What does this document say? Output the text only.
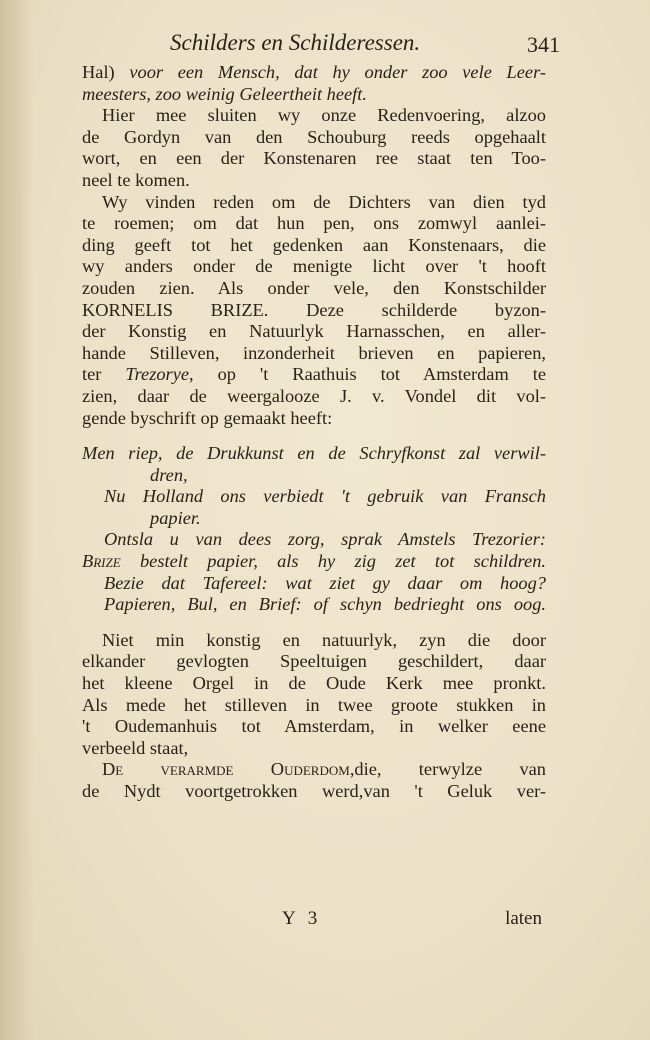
Schilders en Schilderessen.	341
Hal) voor een Mensch, dat hy onder zoo vele Leer-
meesters, zoo weinig Geleertheit heeft.
Hier mee sluiten wy onze Redenvoering, alzoo
de Gordyn van den Schouburg reeds opgehaalt
wort, en een der Konstenaren ree staat ten Too-
neel te komen.
Wy vinden reden om de Dichters van dien tyd
te roemen; om dat hun pen, ons zomwyl aanlei-
ding geeft tot het gedenken aan Konstenaars, die
wy anders onder de menigte licht over 't hooft
zouden zien. Als onder vele, den Konstschilder
KORNELIS BRIZE. Deze schilderde byzon-
der Konstig en Natuurlyk Harnasschen, en aller-
hande Stilleven, inzonderheit brieven en papieren,
ter Trezorye, op 't Raathuis tot Amsterdam te
zien, daar de weergalooze J. v. Vondel dit vol-
gende byschrift op gemaakt heeft:
Men riep, de Drukkunst en de Schryfkonst zal verwil-
dren,
Nu Holland ons verbiedt 't gebruik van Fransch
papier.
Ontsla u van dees zorg, sprak Amstels Trezorier:
Brize bestelt papier, als hy zig zet tot schildren.
Bezie dat Tafereel: wat ziet gy daar om hoog?
Papieren, Bul, en Brief: of schyn bedrieght ons oog.
Niet min konstig en natuurlyk, zyn die door
elkander gevlogten Speeltuigen geschildert, daar
het kleene Orgel in de Oude Kerk mee pronkt.
Als mede het stilleven in twee groote stukken in
't Oudemanhuis tot Amsterdam, in welker eene
verbeeld staat,
De verarmde Ouderdom,die, terwylze van
de Nydt voortgetrokken werd,van 't Geluk ver-
Y 3	laten
